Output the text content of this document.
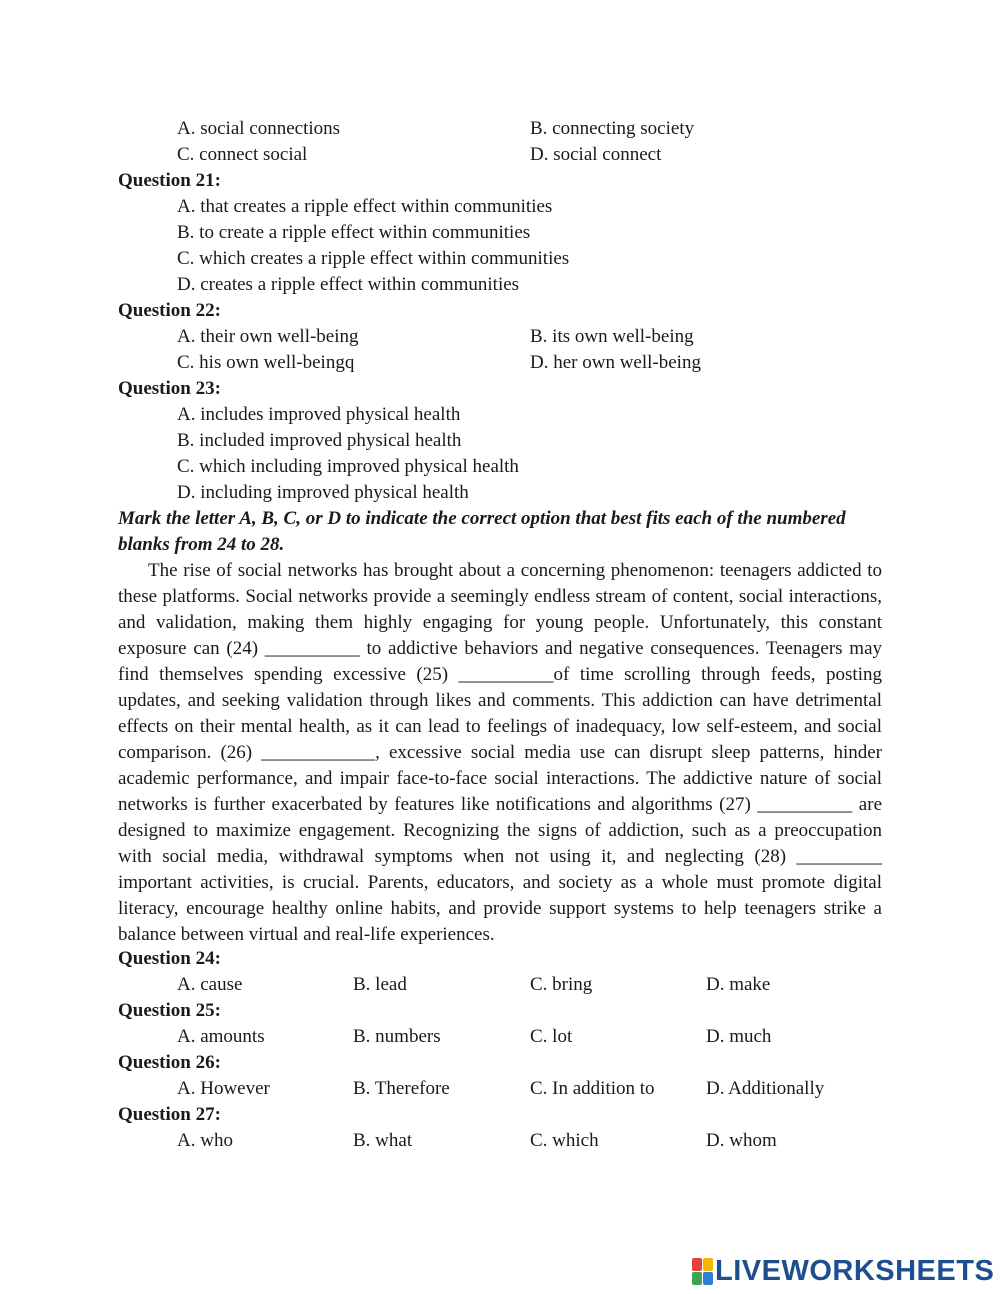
A. social connections	B. connecting society
C. connect social	D. social connect
Question 21:
A. that creates a ripple effect within communities
B. to create a ripple effect within communities
C. which creates a ripple effect within communities
D. creates a ripple effect within communities
Question 22:
A. their own well-being	B. its own well-being
C. his own well-beingq	D. her own well-being
Question 23:
A. includes improved physical health
B. included improved physical health
C. which including improved physical health
D. including improved physical health
Mark the letter A, B, C, or D to indicate the correct option that best fits each of the numbered
blanks from 24 to 28.

The rise of social networks has brought about a concerning phenomenon: teenagers addicted to these platforms. Social networks provide a seemingly endless stream of content, social interactions, and validation, making them highly engaging for young people. Unfortunately, this constant exposure can (24) __________ to addictive behaviors and negative consequences. Teenagers may find themselves spending excessive (25) __________of time scrolling through feeds, posting updates, and seeking validation through likes and comments. This addiction can have detrimental effects on their mental health, as it can lead to feelings of inadequacy, low self-esteem, and social comparison. (26) ____________, excessive social media use can disrupt sleep patterns, hinder academic performance, and impair face-to-face social interactions. The addictive nature of social networks is further exacerbated by features like notifications and algorithms (27) __________ are designed to maximize engagement. Recognizing the signs of addiction, such as a preoccupation with social media, withdrawal symptoms when not using it, and neglecting (28) _________ important activities, is crucial. Parents, educators, and society as a whole must promote digital literacy, encourage healthy online habits, and provide support systems to help teenagers strike a balance between virtual and real-life experiences.

Question 24:
A. cause	B. lead	C. bring	D. make
Question 25:
A. amounts	B. numbers	C. lot	D. much
Question 26:
A. However	B. Therefore	C. In addition to	D. Additionally
Question 27:
A. who	B. what	C. which	D. whom
LIVEWORKSHEETS
